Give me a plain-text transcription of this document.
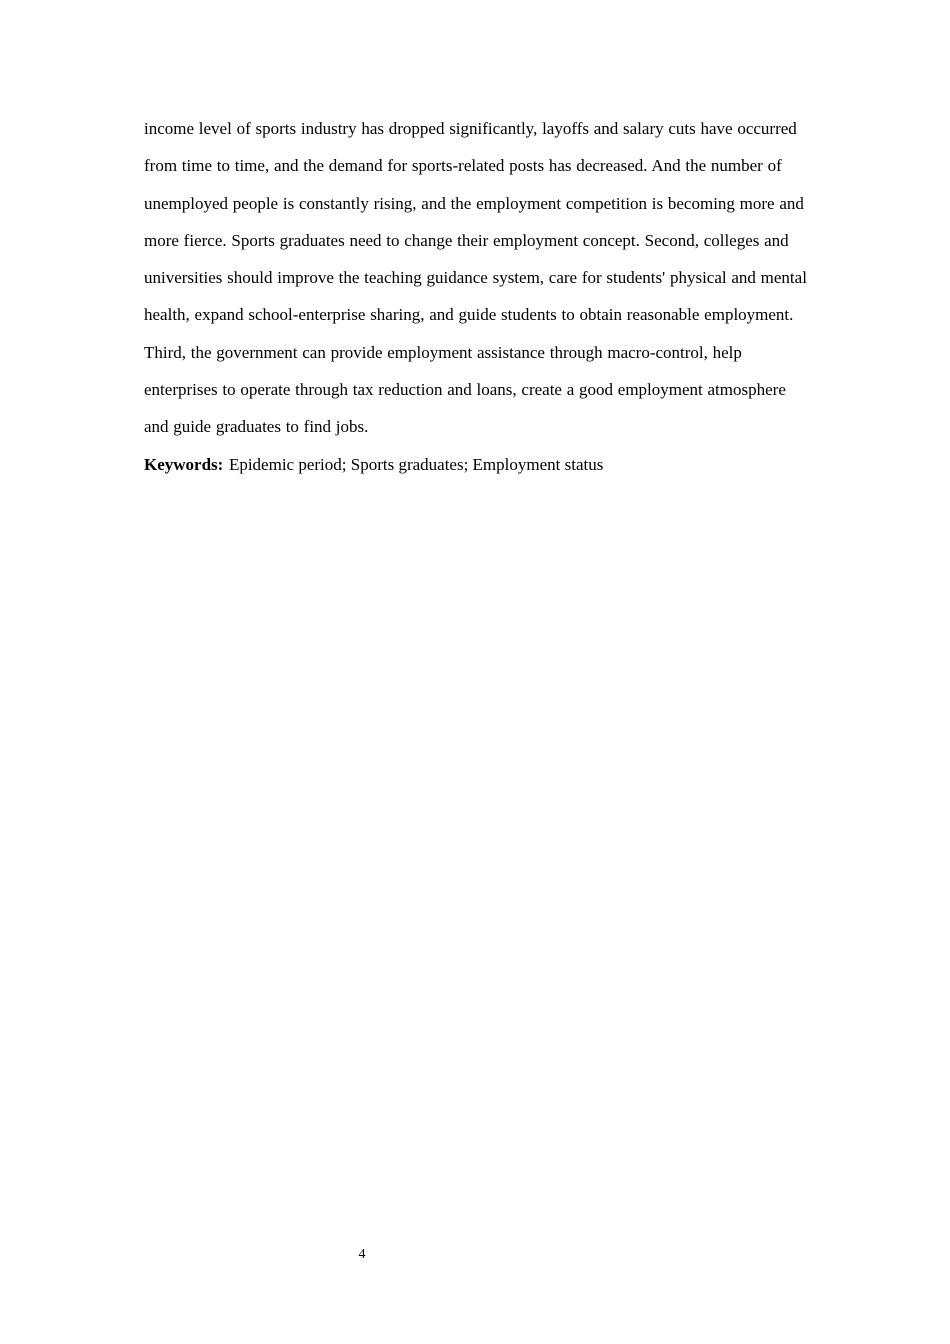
income level of sports industry has dropped significantly, layoffs and salary cuts have occurred from time to time, and the demand for sports-related posts has decreased. And the number of unemployed people is constantly rising, and the employment competition is becoming more and more fierce. Sports graduates need to change their employment concept. Second, colleges and universities should improve the teaching guidance system, care for students' physical and mental health, expand school-enterprise sharing, and guide students to obtain reasonable employment. Third, the government can provide employment assistance through macro-control, help enterprises to operate through tax reduction and loans, create a good employment atmosphere and guide graduates to find jobs.

Keywords: Epidemic period; Sports graduates; Employment status

4
